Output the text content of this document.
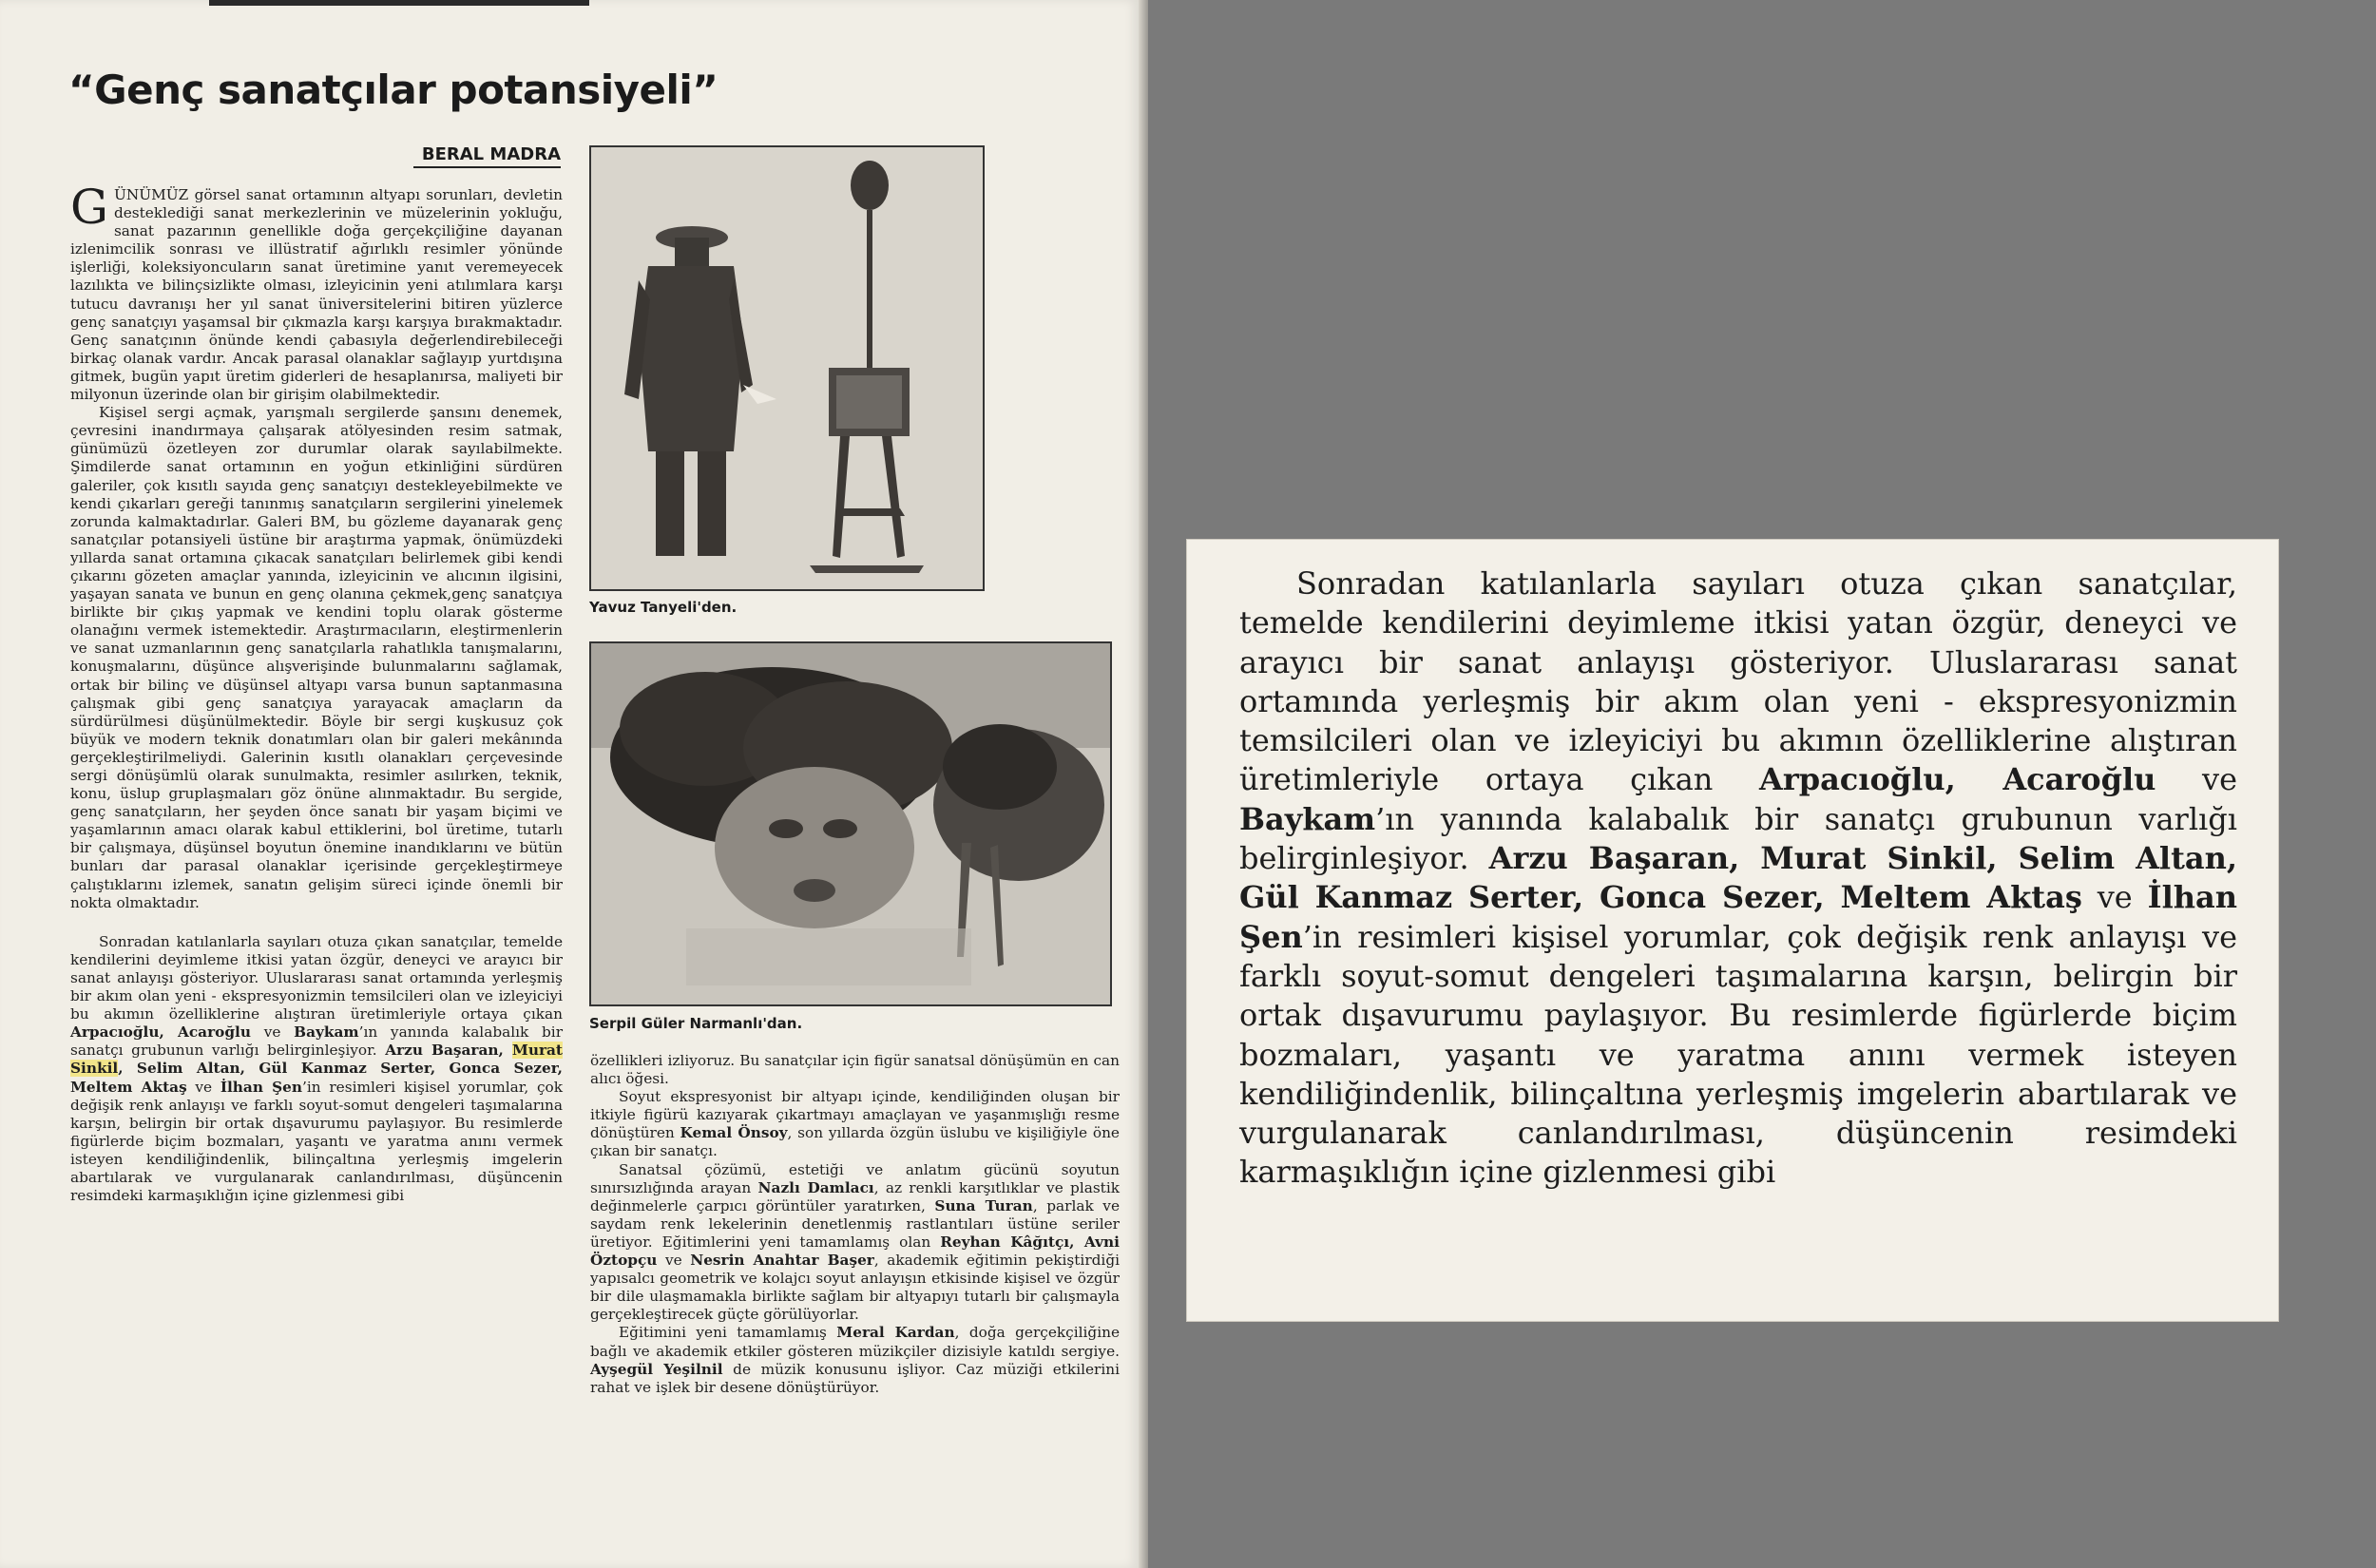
“Genç sanatçılar potansiyeli”
BERAL MADRA

GÜNÜMÜZ görsel sanat ortamının altyapı sorunları, devletin desteklediği sanat merkezlerinin ve müzelerinin yokluğu, sanat pazarının genellikle doğa gerçekçiliğine dayanan izlenimcilik sonrası ve illüstratif ağırlıklı resimler yönünde işlerliği, koleksiyoncuların sanat üretimine yanıt veremeyecek lazılıkta ve bilinçsizlikte olması, izleyicinin yeni atılımlara karşı tutucu davranışı her yıl sanat üniversitelerini bitiren yüzlerce genç sanatçıyı yaşamsal bir çıkmazla karşı karşıya bırakmaktadır. Genç sanatçının önünde kendi çabasıyla değerlendirebileceği birkaç olanak vardır. Ancak parasal olanaklar sağlayıp yurtdışına gitmek, bugün yapıt üretim giderleri de hesaplanırsa, maliyeti bir milyonun üzerinde olan bir girişim olabilmektedir.

Kişisel sergi açmak, yarışmalı sergilerde şansını denemek, çevresini inandırmaya çalışarak atölyesinden resim satmak, günümüzü özetleyen zor durumlar olarak sayılabilmekte. Şimdilerde sanat ortamının en yoğun etkinliğini sürdüren galeriler, çok kısıtlı sayıda genç sanatçıyı destekleyebilmekte ve kendi çıkarları gereği tanınmış sanatçıların sergilerini yinelemek zorunda kalmaktadırlar. Galeri BM, bu gözleme dayanarak genç sanatçılar potansiyeli üstüne bir araştırma yapmak, önümüzdeki yıllarda sanat ortamına çıkacak sanatçıları belirlemek gibi kendi çıkarını gözeten amaçlar yanında, izleyicinin ve alıcının ilgisini, yaşayan sanata ve bunun en genç olanına çekmek,genç sanatçıya birlikte bir çıkış yapmak ve kendini toplu olarak gösterme olanağını vermek istemektedir. Araştırmacıların, eleştirmenlerin ve sanat uzmanlarının genç sanatçılarla rahatlıkla tanışmalarını, konuşmalarını, düşünce alışverişinde bulunmalarını sağlamak, ortak bir bilinç ve düşünsel altyapı varsa bunun saptanmasına çalışmak gibi genç sanatçıya yarayacak amaçların da sürdürülmesi düşünülmektedir. Böyle bir sergi kuşkusuz çok büyük ve modern teknik donatımları olan bir galeri mekânında gerçekleştirilmeliydi. Galerinin kısıtlı olanakları çerçevesinde sergi dönüşümlü olarak sunulmakta, resimler asılırken, teknik, konu, üslup gruplaşmaları göz önüne alınmaktadır. Bu sergide, genç sanatçıların, her şeyden önce sanatı bir yaşam biçimi ve yaşamlarının amacı olarak kabul ettiklerini, bol üretime, tutarlı bir çalışmaya, düşünsel boyutun önemine inandıklarını ve bütün bunları dar parasal olanaklar içerisinde gerçekleştirmeye çalıştıklarını izlemek, sanatın gelişim süreci içinde önemli bir nokta olmaktadır.

Sonradan katılanlarla sayıları otuza çıkan sanatçılar, temelde kendilerini deyimleme itkisi yatan özgür, deneyci ve arayıcı bir sanat anlayışı gösteriyor. Uluslararası sanat ortamında yerleşmiş bir akım olan yeni - ekspresyonizmin temsilcileri olan ve izleyiciyi bu akımın özelliklerine alıştıran üretimleriyle ortaya çıkan Arpacıoğlu, Acaroğlu ve Baykam’ın yanında kalabalık bir sanatçı grubunun varlığı belirginleşiyor. Arzu Başaran, Murat Sinkil, Selim Altan, Gül Kanmaz Serter, Gonca Sezer, Meltem Aktaş ve İlhan Şen’in resimleri kişisel yorumlar, çok değişik renk anlayışı ve farklı soyut-somut dengeleri taşımalarına karşın, belirgin bir ortak dışavurumu paylaşıyor. Bu resimlerde figürlerde biçim bozmaları, yaşantı ve yaratma anını vermek isteyen kendiliğindenlik, bilinçaltına yerleşmiş imgelerin abartılarak ve vurgulanarak canlandırılması, düşüncenin resimdeki karmaşıklığın içine gizlenmesi gibi

Yavuz Tanyeli'den.
Serpil Güler Narmanlı'dan.

özellikleri izliyoruz. Bu sanatçılar için figür sanatsal dönüşümün en can alıcı öğesi.

Soyut ekspresyonist bir altyapı içinde, kendiliğinden oluşan bir itkiyle figürü kazıyarak çıkartmayı amaçlayan ve yaşanmışlığı resme dönüştüren Kemal Önsoy, son yıllarda özgün üslubu ve kişiliğiyle öne çıkan bir sanatçı.

Sanatsal çözümü, estetiği ve anlatım gücünü soyutun sınırsızlığında arayan Nazlı Damlacı, az renkli karşıtlıklar ve plastik değinmelerle çarpıcı görüntüler yaratırken, Suna Turan, parlak ve saydam renk lekelerinin denetlenmiş rastlantıları üstüne seriler üretiyor. Eğitimlerini yeni tamamlamış olan Reyhan Kâğıtçı, Avni Öztopçu ve Nesrin Anahtar Başer, akademik eğitimin pekiştirdiği yapısalcı geometrik ve kolajcı soyut anlayışın etkisinde kişisel ve özgür bir dile ulaşmamakla birlikte sağlam bir altyapıyı tutarlı bir çalışmayla gerçekleştirecek güçte görülüyorlar.

Eğitimini yeni tamamlamış Meral Kardan, doğa gerçekçiliğine bağlı ve akademik etkiler gösteren müzikçiler dizisiyle katıldı sergiye. Ayşegül Yeşilnil de müzik konusunu işliyor. Caz müziği etkilerini rahat ve işlek bir desene dönüştürüyor.

Sonradan katılanlarla sayıları otuza çıkan sanatçılar, temelde kendilerini deyimleme itkisi yatan özgür, deneyci ve arayıcı bir sanat anlayışı gösteriyor. Uluslararası sanat ortamında yerleşmiş bir akım olan yeni - ekspresyonizmin temsilcileri olan ve izleyiciyi bu akımın özelliklerine alıştıran üretimleriyle ortaya çıkan Arpacıoğlu, Acaroğlu ve Baykam’ın yanında kalabalık bir sanatçı grubunun varlığı belirginleşiyor. Arzu Başaran, Murat Sinkil, Selim Altan, Gül Kanmaz Serter, Gonca Sezer, Meltem Aktaş ve İlhan Şen’in resimleri kişisel yorumlar, çok değişik renk anlayışı ve farklı soyut-somut dengeleri taşımalarına karşın, belirgin bir ortak dışavurumu paylaşıyor. Bu resimlerde figürlerde biçim bozmaları, yaşantı ve yaratma anını vermek isteyen kendiliğindenlik, bilinçaltına yerleşmiş imgelerin abartılarak ve vurgulanarak canlandırılması, düşüncenin resimdeki karmaşıklığın içine gizlenmesi gibi
